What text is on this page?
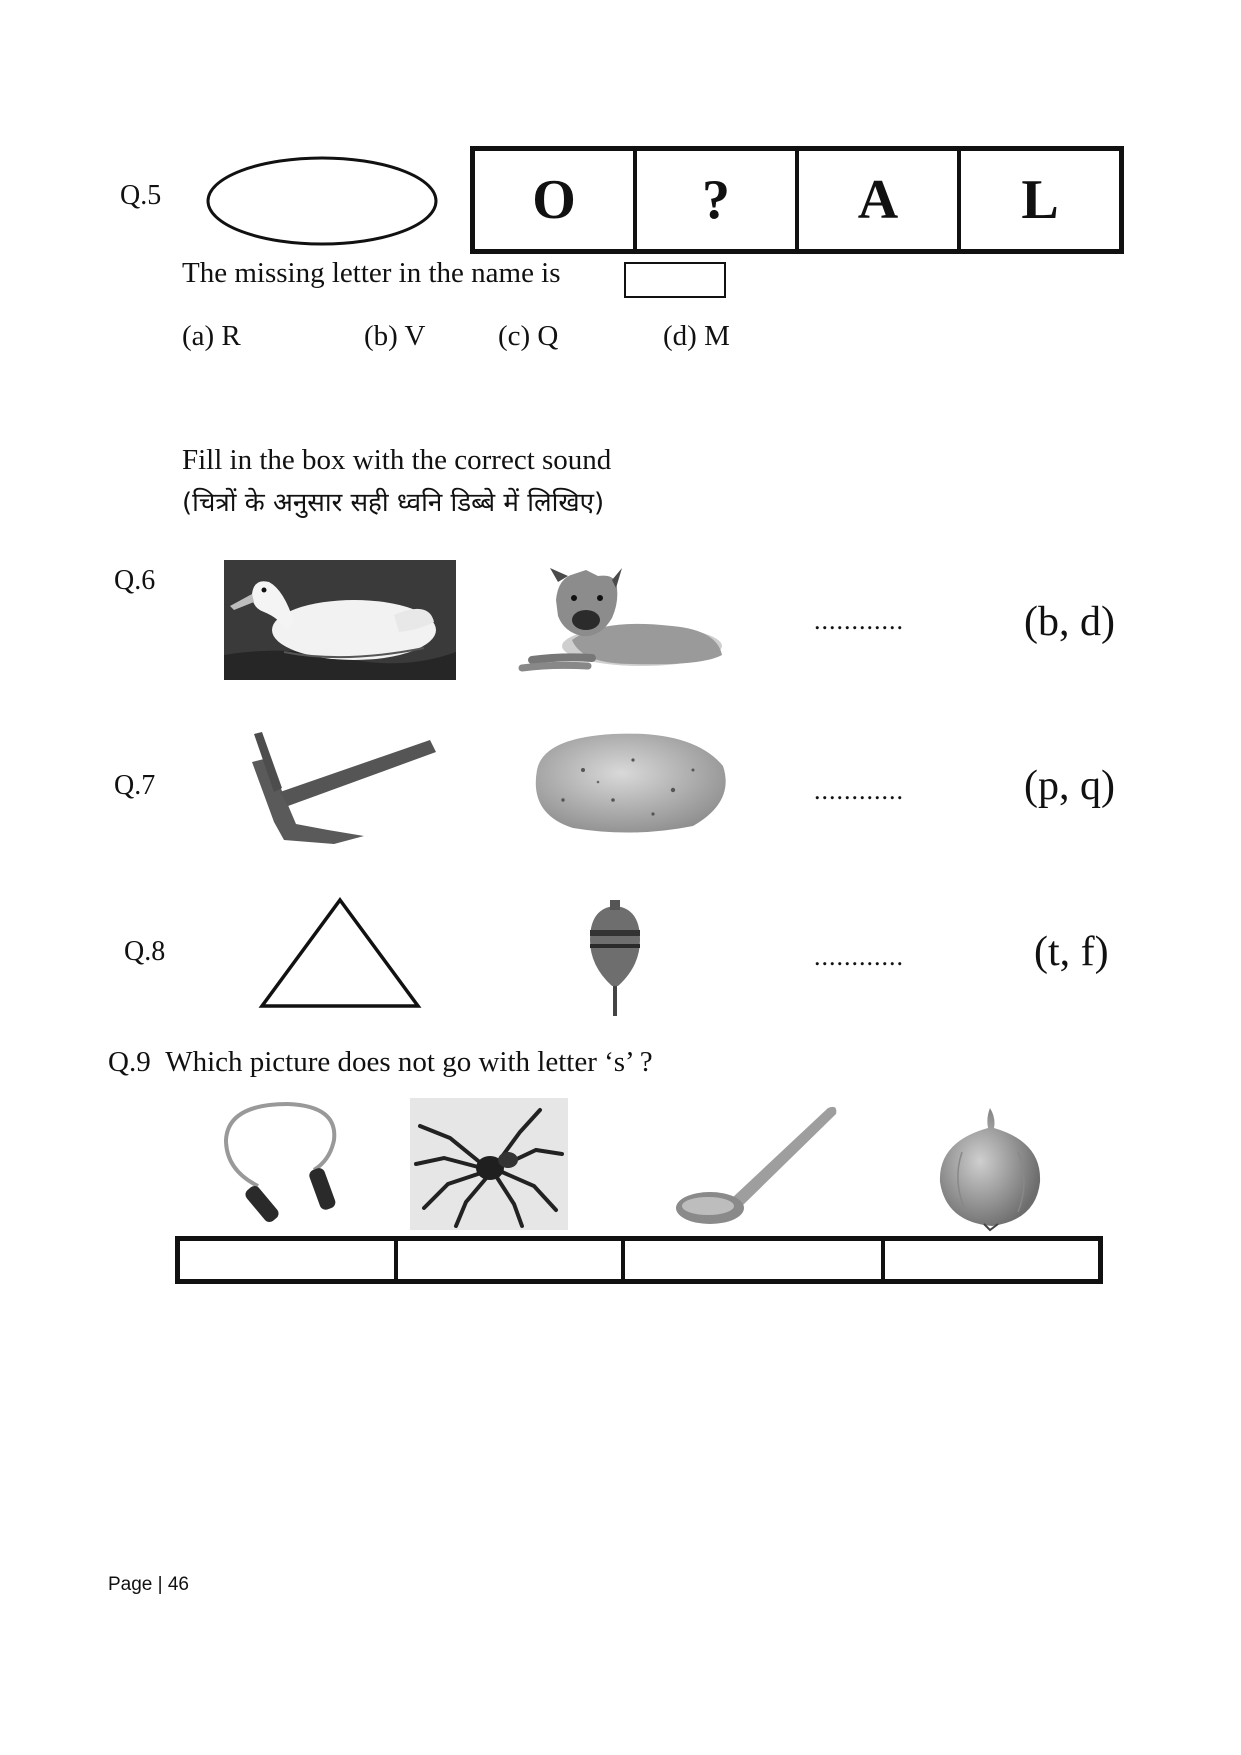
Q.5	O	?	A	L
The missing letter in the name is
(a) R	(b) V	(c) Q	(d) M
Fill in the box with the correct sound
(चित्रों के अनुसार सही ध्वनि डिब्बे में लिखिए)
Q.6
............	(b, d)
Q.7	............	(p, q)
Q.8	............	(t, f)
Q.9 Which picture does not go with letter ‘s’ ?
Page | 46
